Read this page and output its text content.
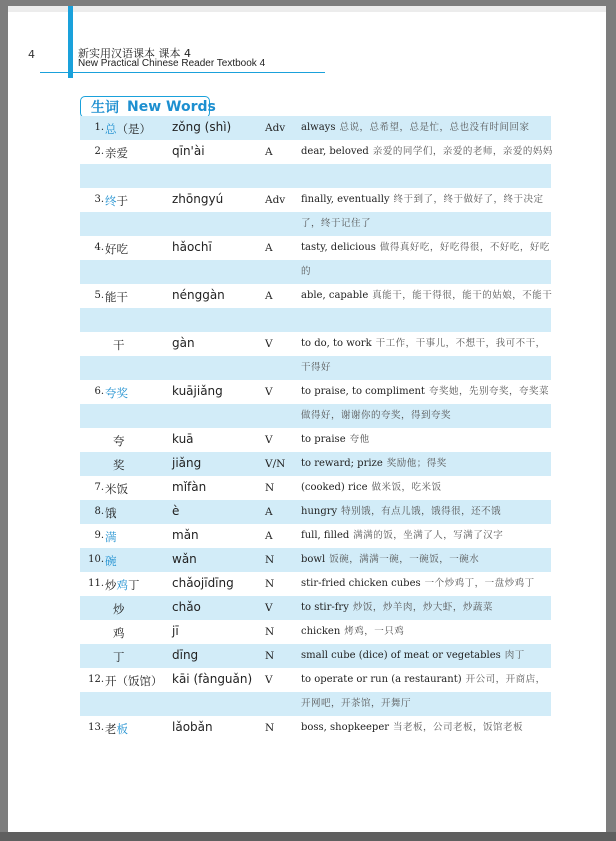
4	新实用汉语课本 课本 4
New Practical Chinese Reader Textbook 4
生词 New Words
1. 总（是） zǒng (shì)	Adv always 总说，总希望，总是忙，总也没有时间回家
2. 亲爱	qīn'ài	A	dear, beloved 亲爱的同学们，亲爱的老师，亲爱的妈妈
3. 终于	zhōngyú	Adv finally, eventually 终于到了，终于做好了，终于决定了，终于记住了
4. 好吃	hǎochī	A	tasty, delicious 做得真好吃，好吃得很，不好吃，好吃的
5. 能干	nénggàn	A	able, capable 真能干，能干得很，能干的姑娘，不能干
干	gàn	V	to do, to work 干工作，干事儿，不想干，我可不干，干得好
6. 夸奖	kuājiǎng	V	to praise, to compliment 夸奖她，先别夸奖，夸奖菜做得好，谢谢你的夸奖，得到夸奖
夸	kuā	V	to praise 夸他
奖	jiǎng	V/N to reward; prize 奖励他；得奖
7. 米饭	mǐfàn	N	(cooked) rice 做米饭，吃米饭
8. 饿	è	A	hungry 特别饿，有点儿饿，饿得很，还不饿
9. 满	mǎn	A	full, filled 满满的饭，坐满了人，写满了汉字
10. 碗	wǎn	N	bowl 饭碗，满满一碗，一碗饭，一碗水
11. 炒鸡丁	chǎojīdīng	N	stir-fried chicken cubes 一个炒鸡丁，一盘炒鸡丁
炒	chǎo	V	to stir-fry 炒饭，炒羊肉，炒大虾，炒蔬菜
鸡	jī	N	chicken 烤鸡，一只鸡
丁	dīng	N	small cube (dice) of meat or vegetables 肉丁
12. 开（饭馆） kāi (fànguǎn) V	to operate or run (a restaurant) 开公司，开商店，开网吧，开茶馆，开舞厅
13. 老板	lǎobǎn	N	boss, shopkeeper 当老板，公司老板，饭馆老板
